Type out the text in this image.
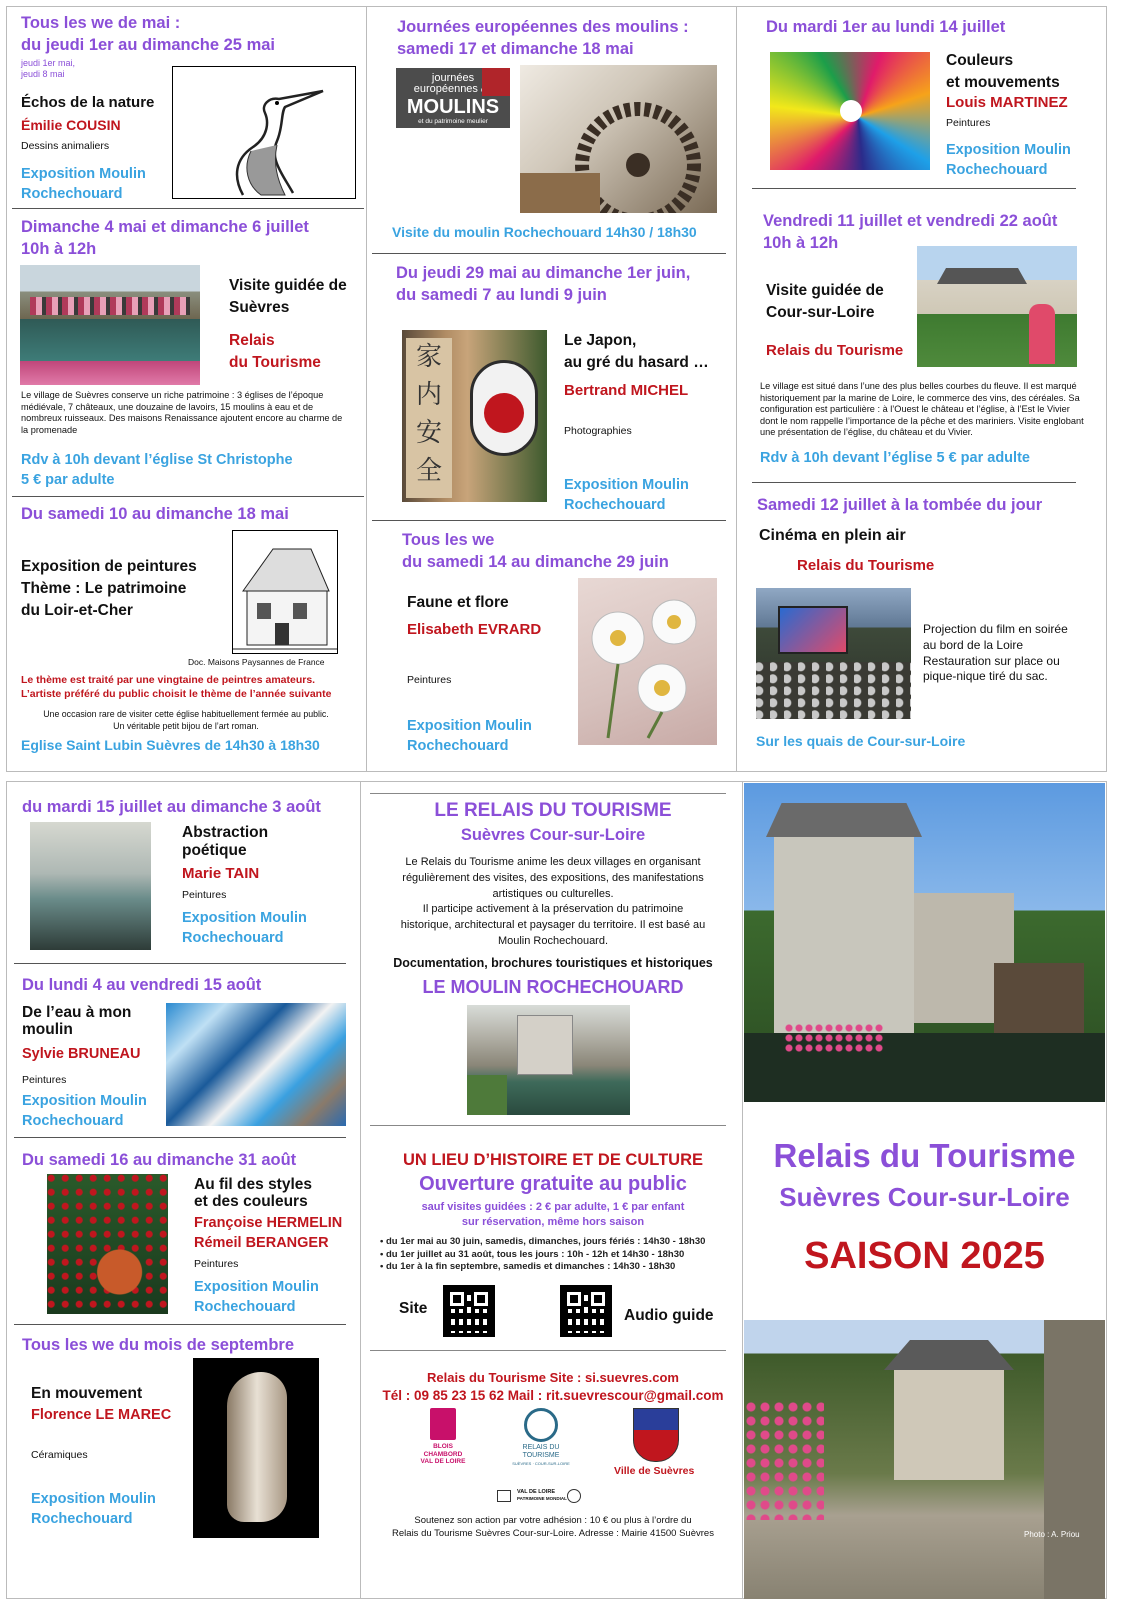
Tous les we de mai :
du jeudi 1er au dimanche 25 mai
jeudi 1er mai,
jeudi 8 mai
Échos de la nature
Émilie COUSIN
Dessins animaliers
Exposition Moulin
Rochechouard
Dimanche 4 mai et dimanche 6 juillet
10h à 12h
Visite guidée de
Suèvres
Relais
du Tourisme
Le village de Suèvres conserve un riche patrimoine : 3 églises de l’époque médiévale, 7 châteaux, une douzaine de lavoirs, 15 moulins à eau et de nombreux ruisseaux. Des maisons Renaissance ajoutent encore au charme de la promenade
Rdv à 10h devant l’église St Christophe
5 € par adulte
Du samedi 10 au dimanche 18 mai
Exposition de peintures
Thème : Le patrimoine
du Loir-et-Cher
Doc. Maisons Paysannes de France
Le thème est traité par une vingtaine de peintres amateurs.
L’artiste préféré du public choisit le thème de l’année suivante
Une occasion rare de visiter cette église habituellement fermée au public.
Un véritable petit bijou de l’art roman.
Eglise Saint Lubin Suèvres de 14h30 à 18h30
Journées européennes des moulins :
samedi 17 et dimanche 18 mai
journées
européennes
MOULINS
et du patrimoine meulier
Visite du moulin Rochechouard 14h30 / 18h30
Du jeudi 29 mai au dimanche 1er juin,
du samedi 7 au lundi 9 juin
家
内
安
全
Le Japon,
au gré du hasard …
Bertrand MICHEL
Photographies
Exposition Moulin
Rochechouard
Tous les we
du samedi 14 au dimanche 29 juin
Faune et flore
Elisabeth EVRARD
Peintures
Exposition Moulin
Rochechouard
Du mardi 1er au lundi 14 juillet
Couleurs
et mouvements
Louis MARTINEZ
Peintures
Exposition Moulin
Rochechouard
Vendredi 11 juillet et vendredi 22 août
10h à 12h
Visite guidée de
Cour-sur-Loire
Relais du Tourisme
Le village est situé dans l’une des plus belles courbes du fleuve. Il est marqué historiquement par la marine de Loire, le commerce des vins, des céréales. Sa configuration est particulière : à l’Ouest le château et l’église, à l’Est le Vivier dont le nom rappelle l’importance de la pêche et des mariniers. Visite englobant une présentation de l’église, du château et du Vivier.
Rdv à 10h devant l’église 5 € par adulte
Samedi 12 juillet à la tombée du jour
Cinéma en plein air
Relais du Tourisme
Projection du film en soirée
au bord de la Loire
Restauration sur place ou
pique-nique tiré du sac.
Sur les quais de Cour-sur-Loire
du mardi 15 juillet au dimanche 3 août
Abstraction
poétique
Marie TAIN
Peintures
Exposition Moulin
Rochechouard
Du lundi 4 au vendredi 15 août
De l’eau à mon
moulin
Sylvie BRUNEAU
Peintures
Exposition Moulin
Rochechouard
Du samedi 16 au dimanche 31 août
Au fil des styles
et des couleurs
Françoise HERMELIN
Rémeil BERANGER
Peintures
Exposition Moulin
Rochechouard
Tous les we du mois de septembre
En mouvement
Florence LE MAREC
Céramiques
Exposition Moulin
Rochechouard
LE RELAIS DU TOURISME
Suèvres Cour-sur-Loire
Le Relais du Tourisme anime les deux villages en organisant
régulièrement des visites, des expositions, des manifestations
artistiques ou culturelles.
Il participe activement à la préservation du patrimoine
historique, architectural et paysager du territoire. Il est basé au
Moulin Rochechouard.
Documentation, brochures touristiques et historiques
LE MOULIN ROCHECHOUARD
UN LIEU D’HISTOIRE ET DE CULTURE
Ouverture gratuite au public
sauf visites guidées : 2 € par adulte, 1 € par enfant
sur réservation, même hors saison
• du 1er mai au 30 juin, samedis, dimanches, jours fériés : 14h30 - 18h30
• du 1er juillet au 31 août, tous les jours : 10h - 12h et 14h30 - 18h30
• du 1er à la fin septembre, samedis et dimanches : 14h30 - 18h30
Site	Audio guide
Relais du Tourisme Site : si.suevres.com
Tél : 09 85 23 15 62 Mail : rit.suevrescour@gmail.com
BLOIS
CHAMBORD
VAL DE LOIRE
RELAIS DU
TOURISME
SUÈVRES · COUR-SUR-LOIRE
Ville de Suèvres
VAL DE LOIRE
PATRIMOINE MONDIAL
Soutenez son action par votre adhésion : 10 € ou plus à l’ordre du
Relais du Tourisme Suèvres Cour-sur-Loire. Adresse : Mairie 41500 Suèvres
Relais du Tourisme
Suèvres Cour-sur-Loire
SAISON 2025
Photo : A. Priou
